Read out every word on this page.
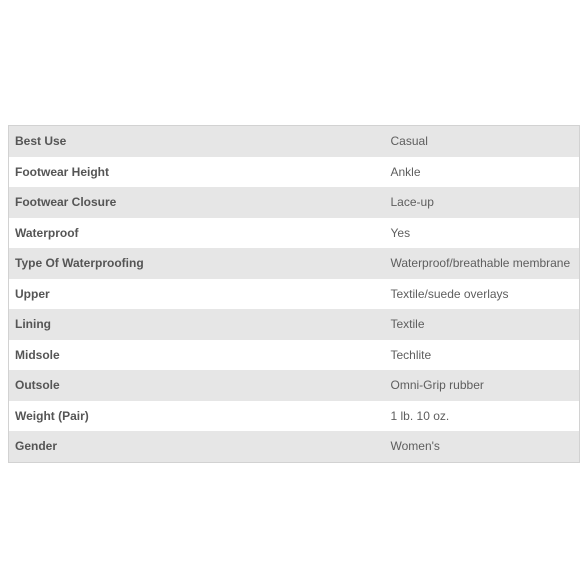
Best Use	Casual
Footwear Height	Ankle
Footwear Closure	Lace-up
Waterproof	Yes
Type Of Waterproofing	Waterproof/breathable membrane
Upper	Textile/suede overlays
Lining	Textile
Midsole	Techlite
Outsole	Omni-Grip rubber
Weight (Pair)	1 lb. 10 oz.
Gender	Women's
